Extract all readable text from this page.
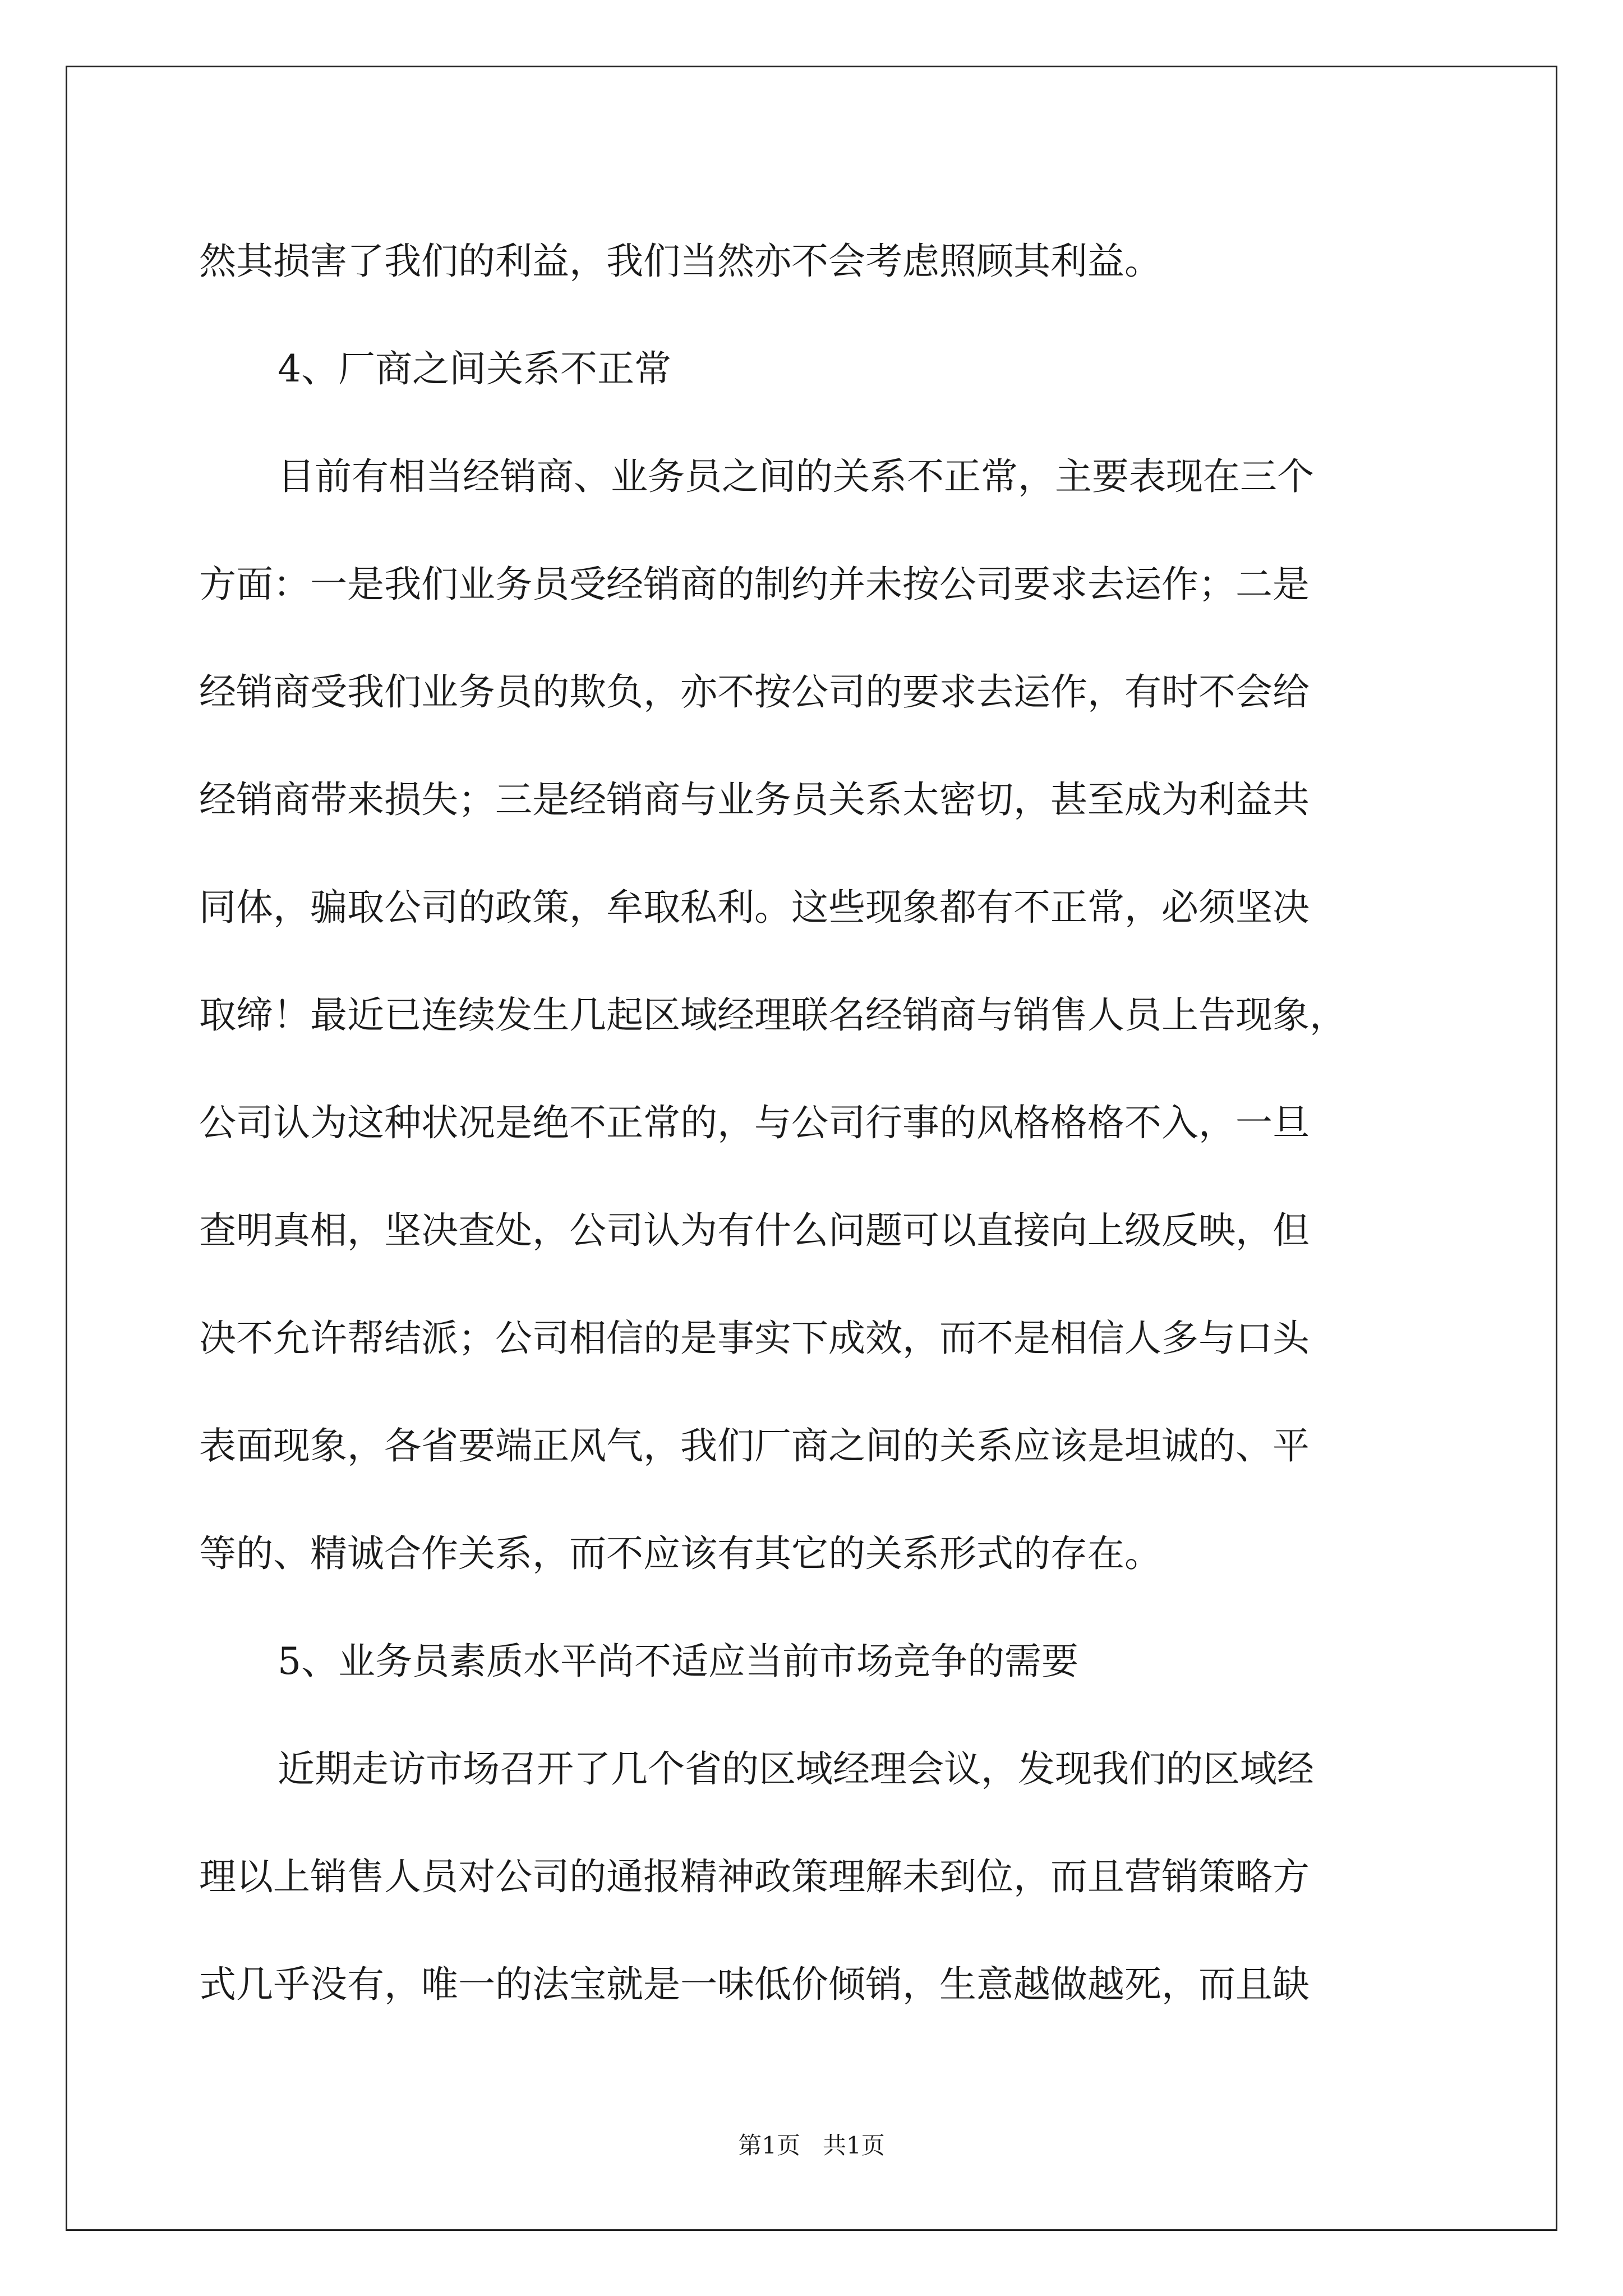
然其损害了我们的利益，我们当然亦不会考虑照顾其利益。
4、厂商之间关系不正常
目前有相当经销商、业务员之间的关系不正常，主要表现在三个
方面：一是我们业务员受经销商的制约并未按公司要求去运作；二是
经销商受我们业务员的欺负，亦不按公司的要求去运作，有时不会给
经销商带来损失；三是经销商与业务员关系太密切，甚至成为利益共
同体，骗取公司的政策，牟取私利。这些现象都有不正常，必须坚决
取缔！最近已连续发生几起区域经理联名经销商与销售人员上告现象，
公司认为这种状况是绝不正常的，与公司行事的风格格格不入，一旦
查明真相，坚决查处，公司认为有什么问题可以直接向上级反映，但
决不允许帮结派；公司相信的是事实下成效，而不是相信人多与口头
表面现象，各省要端正风气，我们厂商之间的关系应该是坦诚的、平
等的、精诚合作关系，而不应该有其它的关系形式的存在。
5、业务员素质水平尚不适应当前市场竞争的需要
近期走访市场召开了几个省的区域经理会议，发现我们的区域经
理以上销售人员对公司的通报精神政策理解未到位，而且营销策略方
式几乎没有，唯一的法宝就是一味低价倾销，生意越做越死，而且缺
第1页   共1页
